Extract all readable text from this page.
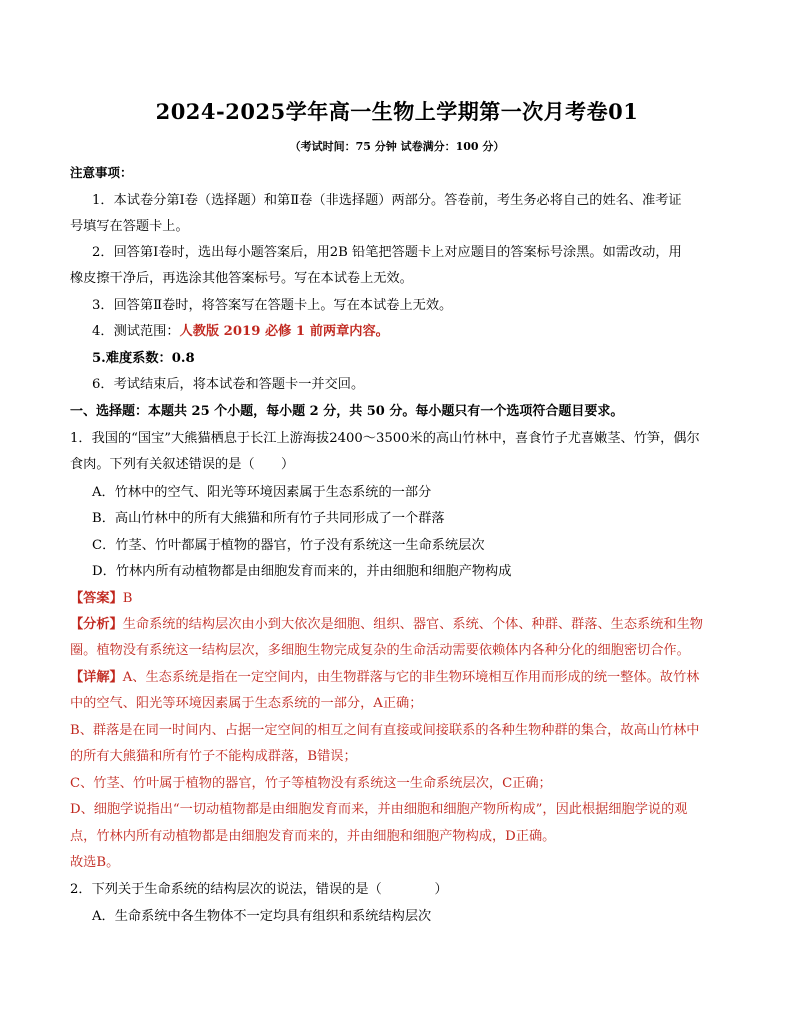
2024-2025学年高一生物上学期第一次月考卷01
（考试时间：75 分钟 试卷满分：100 分）
注意事项：
1．本试卷分第Ⅰ卷（选择题）和第Ⅱ卷（非选择题）两部分。答卷前，考生务必将自己的姓名、准考证
号填写在答题卡上。
2．回答第Ⅰ卷时，选出每小题答案后，用2B 铅笔把答题卡上对应题目的答案标号涂黑。如需改动，用
橡皮擦干净后，再选涂其他答案标号。写在本试卷上无效。
3．回答第Ⅱ卷时，将答案写在答题卡上。写在本试卷上无效。
4．测试范围：人教版 2019 必修 1 前两章内容。
5.难度系数：0.8
6．考试结束后，将本试卷和答题卡一并交回。
一、选择题：本题共 25 个小题，每小题 2 分，共 50 分。每小题只有一个选项符合题目要求。
1．我国的“国宝”大熊猫栖息于长江上游海拔2400～3500米的高山竹林中，喜食竹子尤喜嫩茎、竹笋，偶尔
食肉。下列有关叙述错误的是（　　）
A．竹林中的空气、阳光等环境因素属于生态系统的一部分
B．高山竹林中的所有大熊猫和所有竹子共同形成了一个群落
C．竹茎、竹叶都属于植物的器官，竹子没有系统这一生命系统层次
D．竹林内所有动植物都是由细胞发育而来的，并由细胞和细胞产物构成
【答案】B
【分析】生命系统的结构层次由小到大依次是细胞、组织、器官、系统、个体、种群、群落、生态系统和生物
圈。植物没有系统这一结构层次，多细胞生物完成复杂的生命活动需要依赖体内各种分化的细胞密切合作。
【详解】A、生态系统是指在一定空间内，由生物群落与它的非生物环境相互作用而形成的统一整体。故竹林
中的空气、阳光等环境因素属于生态系统的一部分，A正确；
B、群落是在同一时间内、占据一定空间的相互之间有直接或间接联系的各种生物种群的集合，故高山竹林中
的所有大熊猫和所有竹子不能构成群落，B错误；
C、竹茎、竹叶属于植物的器官，竹子等植物没有系统这一生命系统层次，C正确；
D、细胞学说指出“一切动植物都是由细胞发育而来，并由细胞和细胞产物所构成”，因此根据细胞学说的观
点，竹林内所有动植物都是由细胞发育而来的，并由细胞和细胞产物构成，D正确。
故选B。
2．下列关于生命系统的结构层次的说法，错误的是（　　　　）
A．生命系统中各生物体不一定均具有组织和系统结构层次
